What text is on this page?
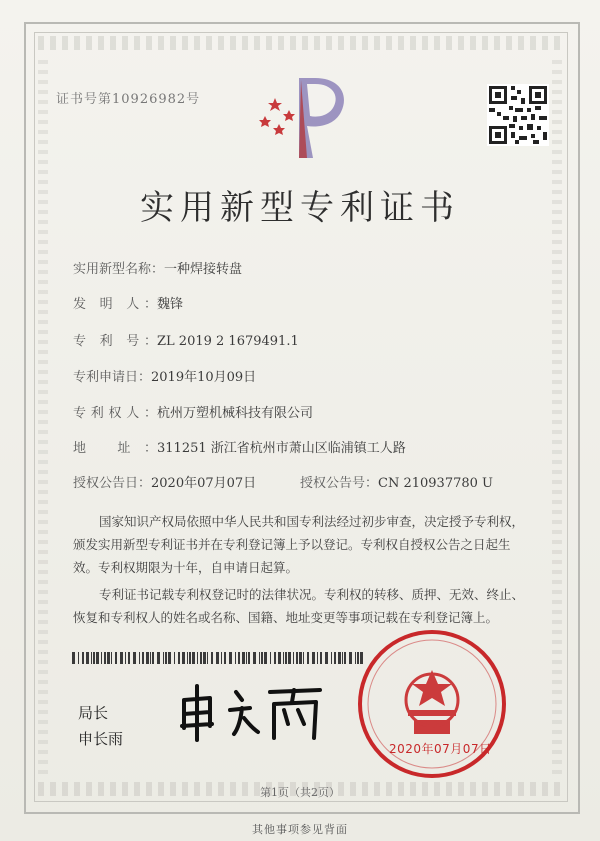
证书号第10926982号
实用新型专利证书
实用新型名称：一种焊接转盘
发 明 人：魏锋
专 利 号：ZL 2019 2 1679491.1
专利申请日：2019年10月09日
专利权人：杭州万塑机械科技有限公司
地 址：311251 浙江省杭州市萧山区临浦镇工人路
授权公告日：2020年07月07日	授权公告号：CN 210937780 U

国家知识产权局依照中华人民共和国专利法经过初步审查，决定授予专利权，颁发实用新型专利证书并在专利登记簿上予以登记。专利权自授权公告之日起生效。专利权期限为十年，自申请日起算。

专利证书记载专利权登记时的法律状况。专利权的转移、质押、无效、终止、恢复和专利权人的姓名或名称、国籍、地址变更等事项记载在专利登记簿上。

局长
申长雨
2020年07月07日
第1页（共2页）
其他事项参见背面
